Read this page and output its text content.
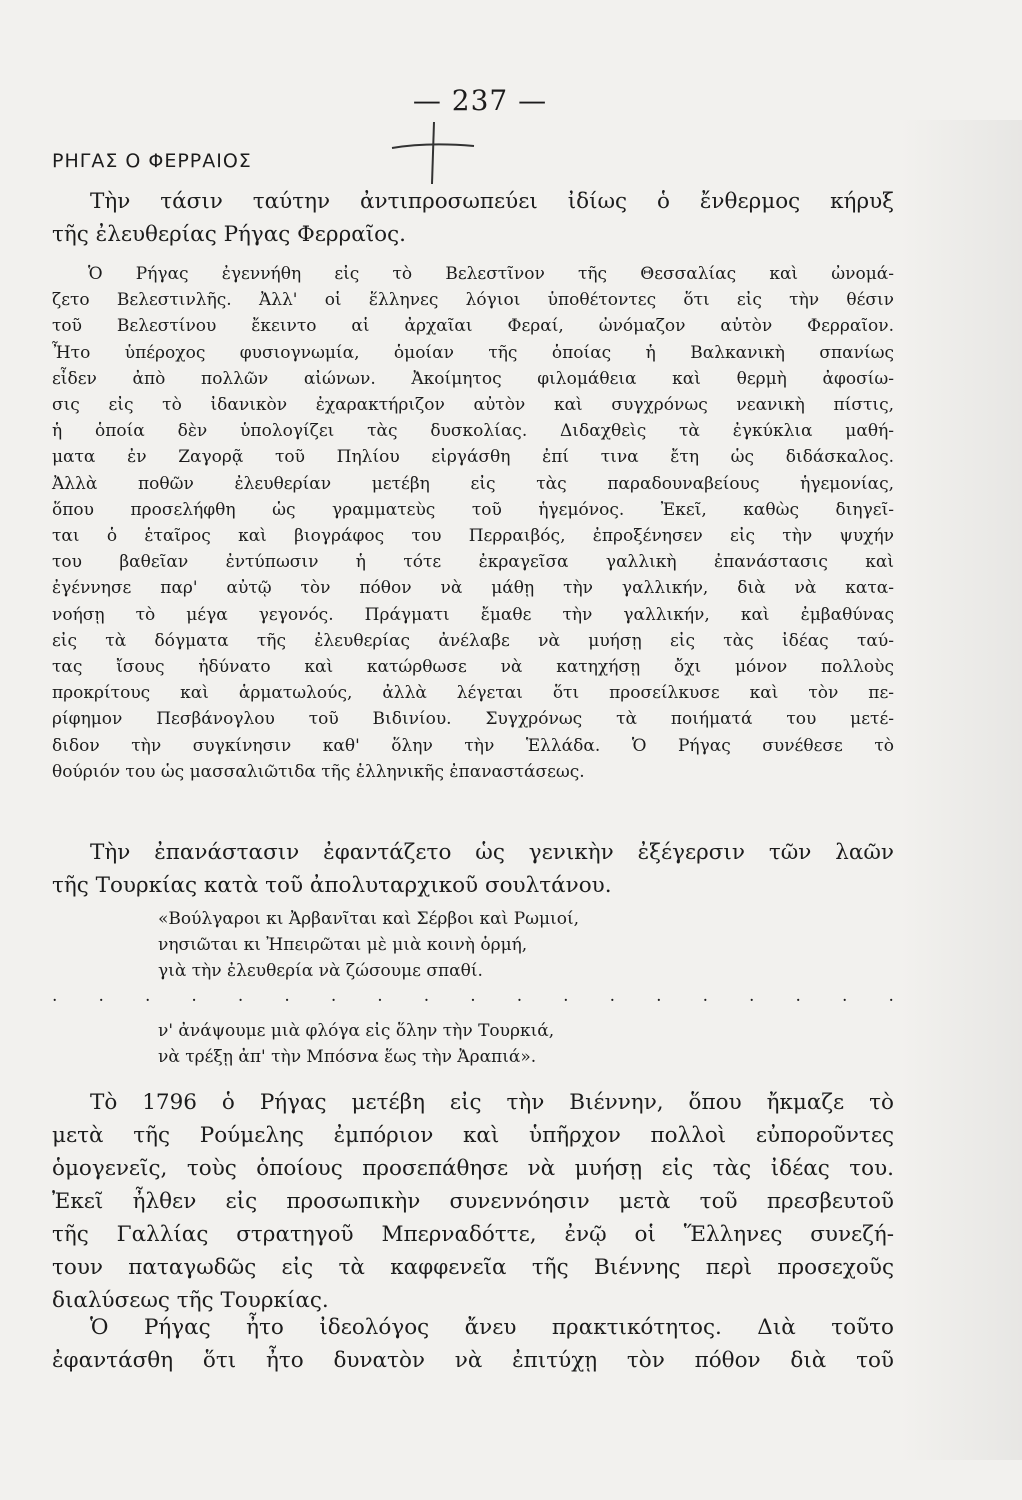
— 237 —
ΡΗΓΑΣ Ο ΦΕΡΡΑΙΟΣ
Τὴν τάσιν ταύτην ἀντιπροσωπεύει ἰδίως ὁ ἔνθερμος κήρυξ
τῆς ἐλευθερίας Ρήγας Φερραῖος.
Ὁ Ρήγας ἐγεννήθη εἰς τὸ Βελεστῖνον τῆς Θεσσαλίας καὶ ὠνομά-
ζετο Βελεστινλῆς. Ἀλλ' οἱ ἕλληνες λόγιοι ὑποθέτοντες ὅτι εἰς τὴν θέσιν
τοῦ Βελεστίνου ἔκειντο αἱ ἀρχαῖαι Φεραί, ὠνόμαζον αὐτὸν Φερραῖον.
Ἦτο ὑπέροχος φυσιογνωμία, ὁμοίαν τῆς ὁποίας ἡ Βαλκανικὴ σπανίως
εἶδεν ἀπὸ πολλῶν αἰώνων. Ἀκοίμητος φιλομάθεια καὶ θερμὴ ἀφοσίω-
σις εἰς τὸ ἰδανικὸν ἐχαρακτήριζον αὐτὸν καὶ συγχρόνως νεανικὴ πίστις,
ἡ ὁποία δὲν ὑπολογίζει τὰς δυσκολίας. Διδαχθεὶς τὰ ἐγκύκλια μαθή-
ματα ἐν Ζαγορᾷ τοῦ Πηλίου εἰργάσθη ἐπί τινα ἔτη ὡς διδάσκαλος.
Ἀλλὰ ποθῶν ἐλευθερίαν μετέβη εἰς τὰς παραδουναβείους ἡγεμονίας,
ὅπου προσελήφθη ὡς γραμματεὺς τοῦ ἡγεμόνος. Ἐκεῖ, καθὼς διηγεῖ-
ται ὁ ἑταῖρος καὶ βιογράφος του Περραιβός, ἐπροξένησεν εἰς τὴν ψυχήν
του βαθεῖαν ἐντύπωσιν ἡ τότε ἐκραγεῖσα γαλλικὴ ἐπανάστασις καὶ
ἐγέννησε παρ' αὐτῷ τὸν πόθον νὰ μάθῃ τὴν γαλλικήν, διὰ νὰ κατα-
νοήσῃ τὸ μέγα γεγονός. Πράγματι ἔμαθε τὴν γαλλικήν, καὶ ἐμβαθύνας
εἰς τὰ δόγματα τῆς ἐλευθερίας ἀνέλαβε νὰ μυήσῃ εἰς τὰς ἰδέας ταύ-
τας ἴσους ἠδύνατο καὶ κατώρθωσε νὰ κατηχήσῃ ὄχι μόνον πολλοὺς
προκρίτους καὶ ἁρματωλούς, ἀλλὰ λέγεται ὅτι προσείλκυσε καὶ τὸν πε-
ρίφημον Πεσβάνογλου τοῦ Βιδινίου. Συγχρόνως τὰ ποιήματά του μετέ-
διδον τὴν συγκίνησιν καθ' ὅλην τὴν Ἑλλάδα. Ὁ Ρήγας συνέθεσε τὸ
θούριόν του ὡς μασσαλιῶτιδα τῆς ἑλληνικῆς ἐπαναστάσεως.
Τὴν ἐπανάστασιν ἐφαντάζετο ὡς γενικὴν ἐξέγερσιν τῶν λαῶν
τῆς Τουρκίας κατὰ τοῦ ἀπολυταρχικοῦ σουλτάνου.
«Βούλγαροι κι Ἀρβανῖται καὶ Σέρβοι καὶ Ρωμιοί,
νησιῶται κι Ἠπειρῶται μὲ μιὰ κοινὴ ὁρμή,
γιὰ τὴν ἐλευθερία νὰ ζώσουμε σπαθί.
. . . . . . . . . . . . . . . . . . .
ν' ἀνάψουμε μιὰ φλόγα εἰς ὅλην τὴν Τουρκιά,
νὰ τρέξῃ ἀπ' τὴν Μπόσνα ἕως τὴν Ἀραπιά».
Τὸ 1796 ὁ Ρήγας μετέβη εἰς τὴν Βιέννην, ὅπου ἤκμαζε τὸ
μετὰ τῆς Ρούμελης ἐμπόριον καὶ ὑπῆρχον πολλοὶ εὐποροῦντες
ὁμογενεῖς, τοὺς ὁποίους προσεπάθησε νὰ μυήσῃ εἰς τὰς ἰδέας του.
Ἐκεῖ ἦλθεν εἰς προσωπικὴν συνεννόησιν μετὰ τοῦ πρεσβευτοῦ
τῆς Γαλλίας στρατηγοῦ Μπερναδόττε, ἐνῷ οἱ Ἕλληνες συνεζή-
τουν παταγωδῶς εἰς τὰ καφφενεῖα τῆς Βιέννης περὶ προσεχοῦς
διαλύσεως τῆς Τουρκίας.
Ὁ Ρήγας ἦτο ἰδεολόγος ἄνευ πρακτικότητος. Διὰ τοῦτο
ἐφαντάσθη ὅτι ἦτο δυνατὸν νὰ ἐπιτύχῃ τὸν πόθον διὰ τοῦ
